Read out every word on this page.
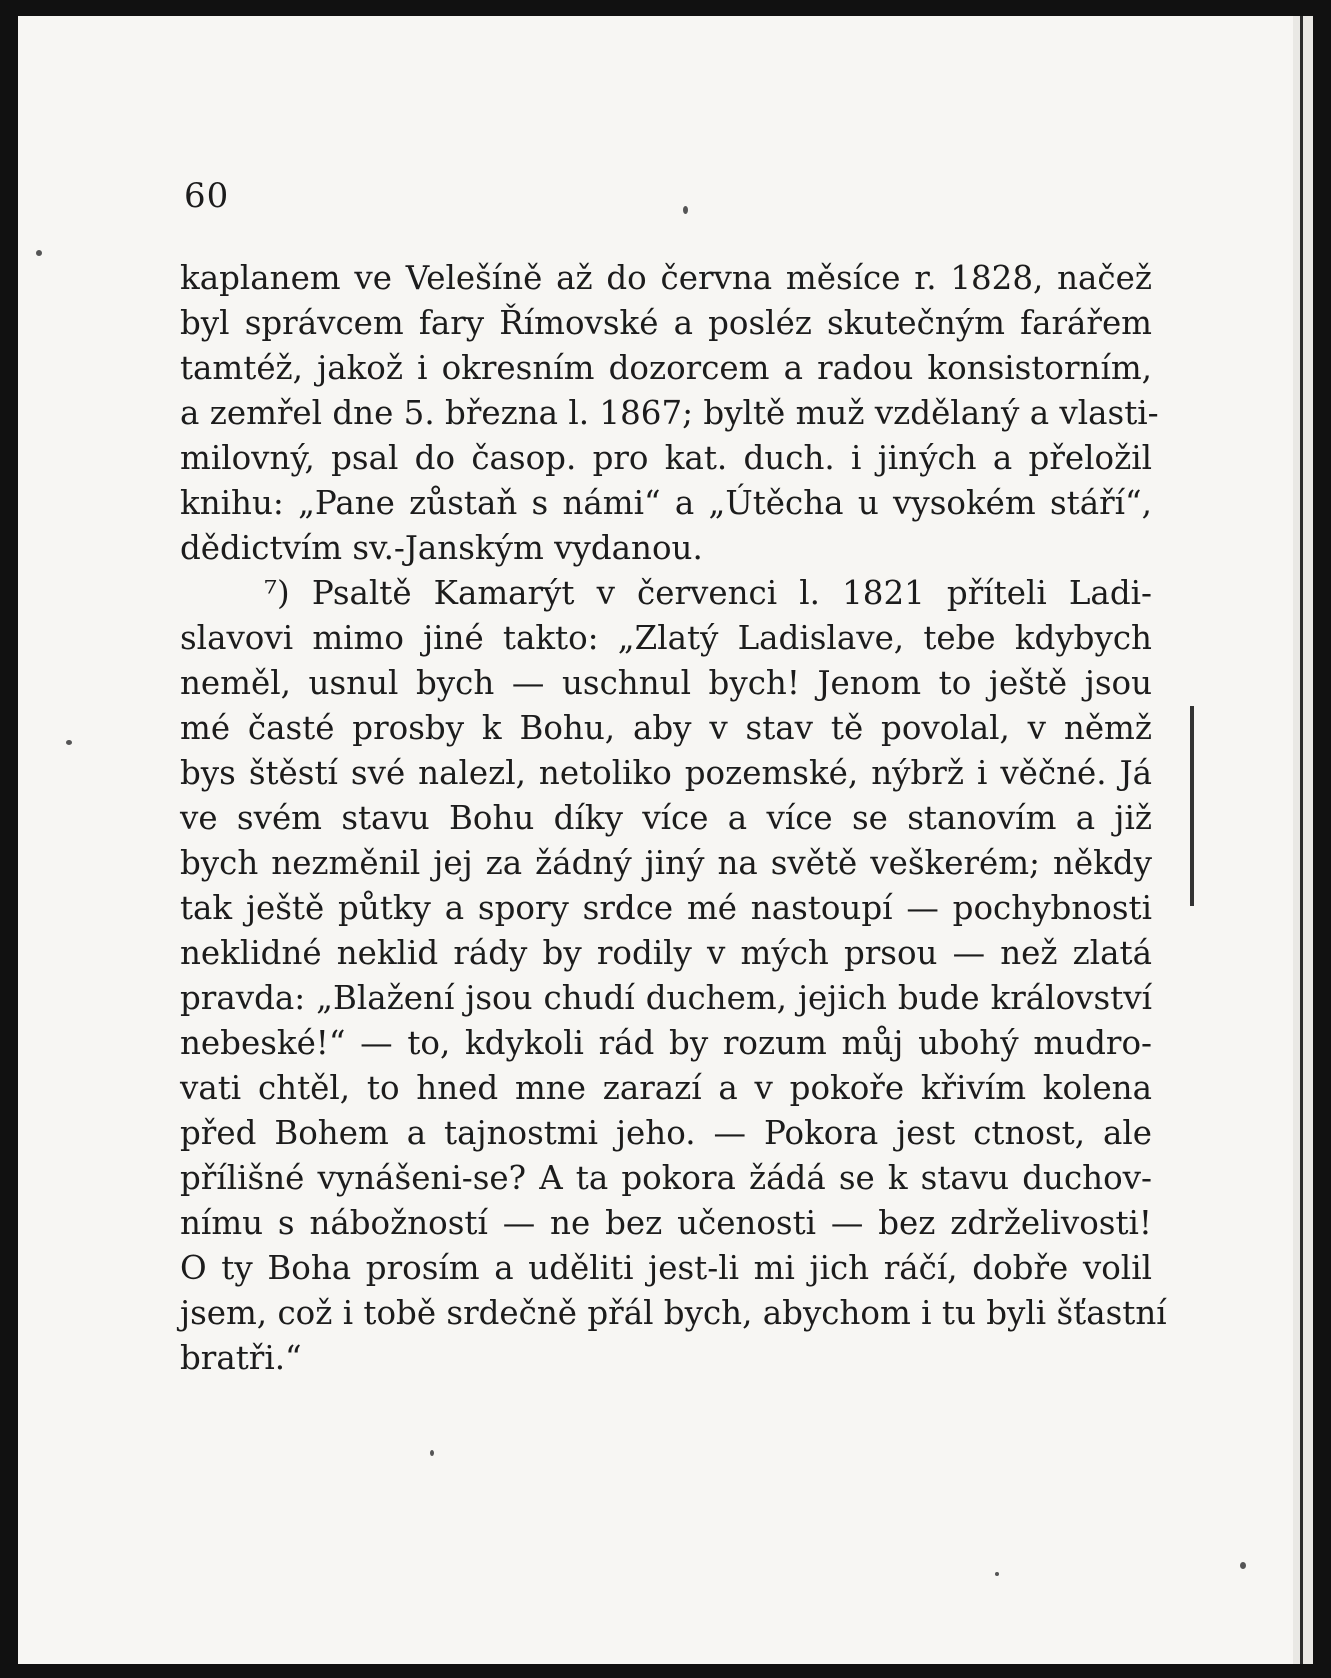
60
kaplanem ve Velešíně až do června měsíce r. 1828, načež
byl správcem fary Římovské a posléz skutečným farářem
tamtéž, jakož i okresním dozorcem a radou konsistorním,
a zemřel dne 5. března l. 1867; byltě muž vzdělaný a vlasti-
milovný, psal do časop. pro kat. duch. i jiných a přeložil
knihu: „Pane zůstaň s námi“ a „Útěcha u vysokém stáří“,
dědictvím sv.-Janským vydanou.
⁷) Psaltě Kamarýt v červenci l. 1821 příteli Ladi-
slavovi mimo jiné takto: „Zlatý Ladislave, tebe kdybych
neměl, usnul bych — uschnul bych! Jenom to ještě jsou
mé časté prosby k Bohu, aby v stav tě povolal, v němž
bys štěstí své nalezl, netoliko pozemské, nýbrž i věčné. Já
ve svém stavu Bohu díky více a více se stanovím a již
bych nezměnil jej za žádný jiný na světě veškerém; někdy
tak ještě půtky a spory srdce mé nastoupí — pochybnosti
neklidné neklid rády by rodily v mých prsou — než zlatá
pravda: „Blažení jsou chudí duchem, jejich bude království
nebeské!“ — to, kdykoli rád by rozum můj ubohý mudro-
vati chtěl, to hned mne zarazí a v pokoře křivím kolena
před Bohem a tajnostmi jeho. — Pokora jest ctnost, ale
přílišné vynášeni-se? A ta pokora žádá se k stavu duchov-
nímu s nábožností — ne bez učenosti — bez zdrželivosti!
O ty Boha prosím a uděliti jest-li mi jich ráčí, dobře volil
jsem, což i tobě srdečně přál bych, abychom i tu byli šťastní
bratři.“
